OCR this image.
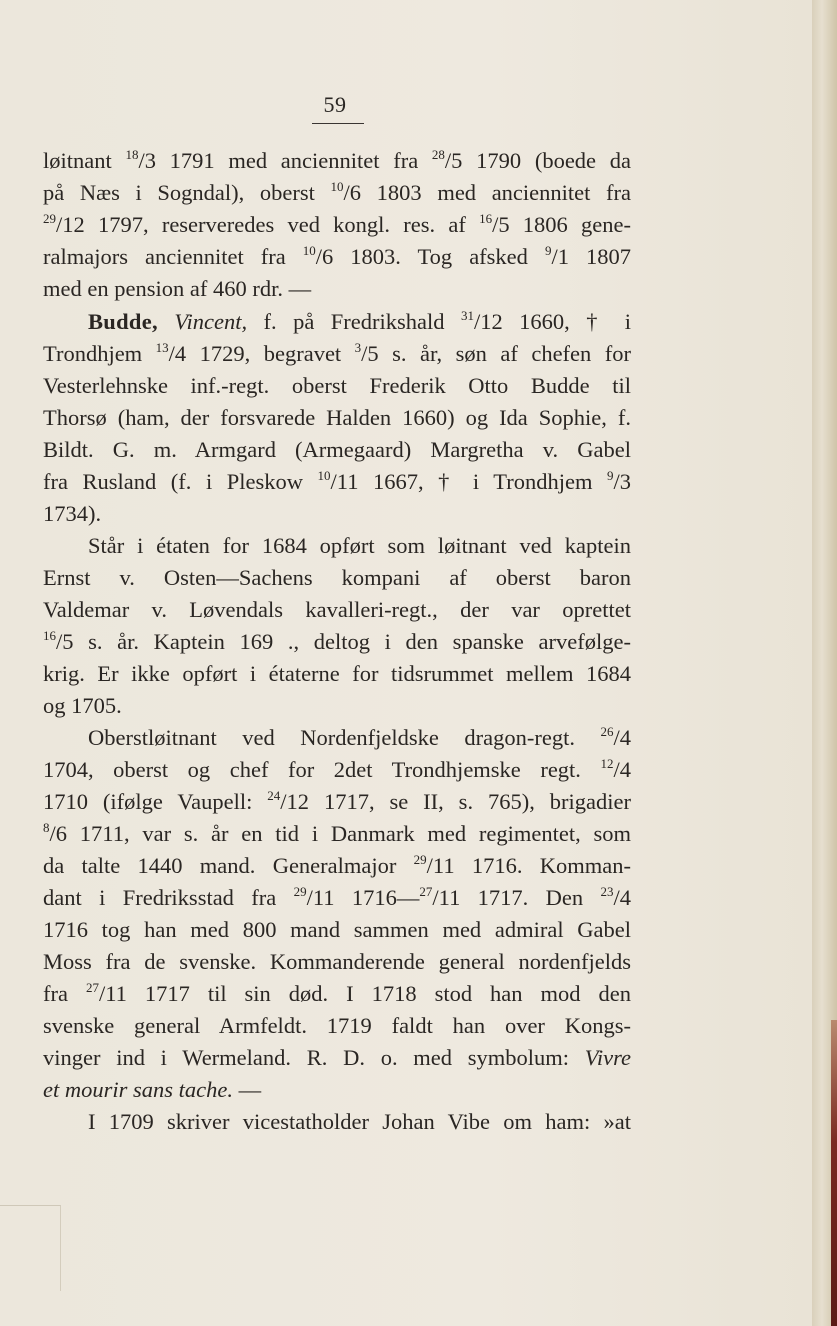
59

løitnant $^{18}$/3 1791 med anciennitet fra $^{28}$/5 1790 (boede da

på Næs i Sogndal), oberst $^{10}$/6 1803 med anciennitet fra

$^{29}$/12 1797, reserveredes ved kongl. res. af $^{16}$/5 1806 gene-

ralmajors anciennitet fra $^{10}$/6 1803. Tog afsked $^9$/1 1807

med en pension af 460 rdr. —

Budde, Vincent, f. på Fredrikshald $^{31}$/12 1660, † i

Trondhjem $^{13}$/4 1729, begravet $^3$/5 s. år, søn af chefen for

Vesterlehnske inf.-regt. oberst Frederik Otto Budde til

Thorsø (ham, der forsvarede Halden 1660) og Ida Sophie, f.

Bildt. G. m. Armgard (Armegaard) Margretha v. Gabel

fra Rusland (f. i Pleskow $^{10}$/11 1667, † i Trondhjem $^9$/3

1734).

Står i étaten for 1684 opført som løitnant ved kaptein

Ernst v. Osten—Sachens kompani af oberst baron

Valdemar v. Løvendals kavalleri-regt., der var oprettet

$^{16}$/5 s. år. Kaptein 169 ., deltog i den spanske arvefølge-

krig. Er ikke opført i étaterne for tidsrummet mellem 1684

og 1705.

Oberstløitnant ved Nordenfjeldske dragon-regt. $^{26}$/4

1704, oberst og chef for 2det Trondhjemske regt. $^{12}$/4

1710 (ifølge Vaupell: $^{24}$/12 1717, se II, s. 765), brigadier

$^8$/6 1711, var s. år en tid i Danmark med regimentet, som

da talte 1440 mand. Generalmajor $^{29}$/11 1716. Komman-

dant i Fredriksstad fra $^{29}$/11 1716—$^{27}$/11 1717. Den $^{23}$/4

1716 tog han med 800 mand sammen med admiral Gabel

Moss fra de svenske. Kommanderende general nordenfjelds

fra $^{27}$/11 1717 til sin død. I 1718 stod han mod den

svenske general Armfeldt. 1719 faldt han over Kongs-

vinger ind i Wermeland. R. D. o. med symbolum: Vivre

et mourir sans tache. —

I 1709 skriver vicestatholder Johan Vibe om ham: »at
